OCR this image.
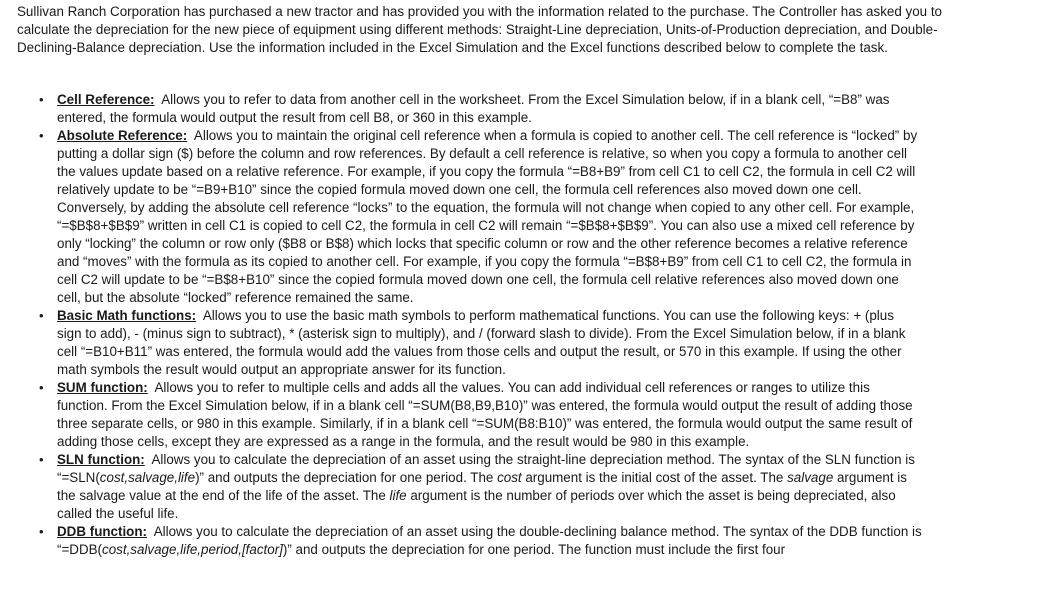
Sullivan Ranch Corporation has purchased a new tractor and has provided you with the information related to the purchase. The Controller has asked you to calculate the depreciation for the new piece of equipment using different methods: Straight-Line depreciation, Units-of-Production depreciation, and Double-Declining-Balance depreciation. Use the information included in the Excel Simulation and the Excel functions described below to complete the task.

• Cell Reference: Allows you to refer to data from another cell in the worksheet. From the Excel Simulation below, if in a blank cell, “=B8” was entered, the formula would output the result from cell B8, or 360 in this example.
• Absolute Reference: Allows you to maintain the original cell reference when a formula is copied to another cell. The cell reference is “locked” by putting a dollar sign ($) before the column and row references. By default a cell reference is relative, so when you copy a formula to another cell the values update based on a relative reference. For example, if you copy the formula “=B8+B9” from cell C1 to cell C2, the formula in cell C2 will relatively update to be “=B9+B10” since the copied formula moved down one cell, the formula cell references also moved down one cell. Conversely, by adding the absolute cell reference “locks” to the equation, the formula will not change when copied to any other cell. For example, “=$B$8+$B$9” written in cell C1 is copied to cell C2, the formula in cell C2 will remain “=$B$8+$B$9”. You can also use a mixed cell reference by only “locking” the column or row only ($B8 or B$8) which locks that specific column or row and the other reference becomes a relative reference and “moves” with the formula as its copied to another cell. For example, if you copy the formula “=B$8+B9” from cell C1 to cell C2, the formula in cell C2 will update to be “=B$8+B10” since the copied formula moved down one cell, the formula cell relative references also moved down one cell, but the absolute “locked” reference remained the same.
• Basic Math functions: Allows you to use the basic math symbols to perform mathematical functions. You can use the following keys: + (plus sign to add), - (minus sign to subtract), * (asterisk sign to multiply), and / (forward slash to divide). From the Excel Simulation below, if in a blank cell “=B10+B11” was entered, the formula would add the values from those cells and output the result, or 570 in this example. If using the other math symbols the result would output an appropriate answer for its function.
• SUM function: Allows you to refer to multiple cells and adds all the values. You can add individual cell references or ranges to utilize this function. From the Excel Simulation below, if in a blank cell “=SUM(B8,B9,B10)” was entered, the formula would output the result of adding those three separate cells, or 980 in this example. Similarly, if in a blank cell “=SUM(B8:B10)” was entered, the formula would output the same result of adding those cells, except they are expressed as a range in the formula, and the result would be 980 in this example.
• SLN function: Allows you to calculate the depreciation of an asset using the straight-line depreciation method. The syntax of the SLN function is “=SLN(cost,salvage,life)” and outputs the depreciation for one period. The cost argument is the initial cost of the asset. The salvage argument is the salvage value at the end of the life of the asset. The life argument is the number of periods over which the asset is being depreciated, also called the useful life.
• DDB function: Allows you to calculate the depreciation of an asset using the double-declining balance method. The syntax of the DDB function is “=DDB(cost,salvage,life,period,[factor])” and outputs the depreciation for one period. The function must include the first four
